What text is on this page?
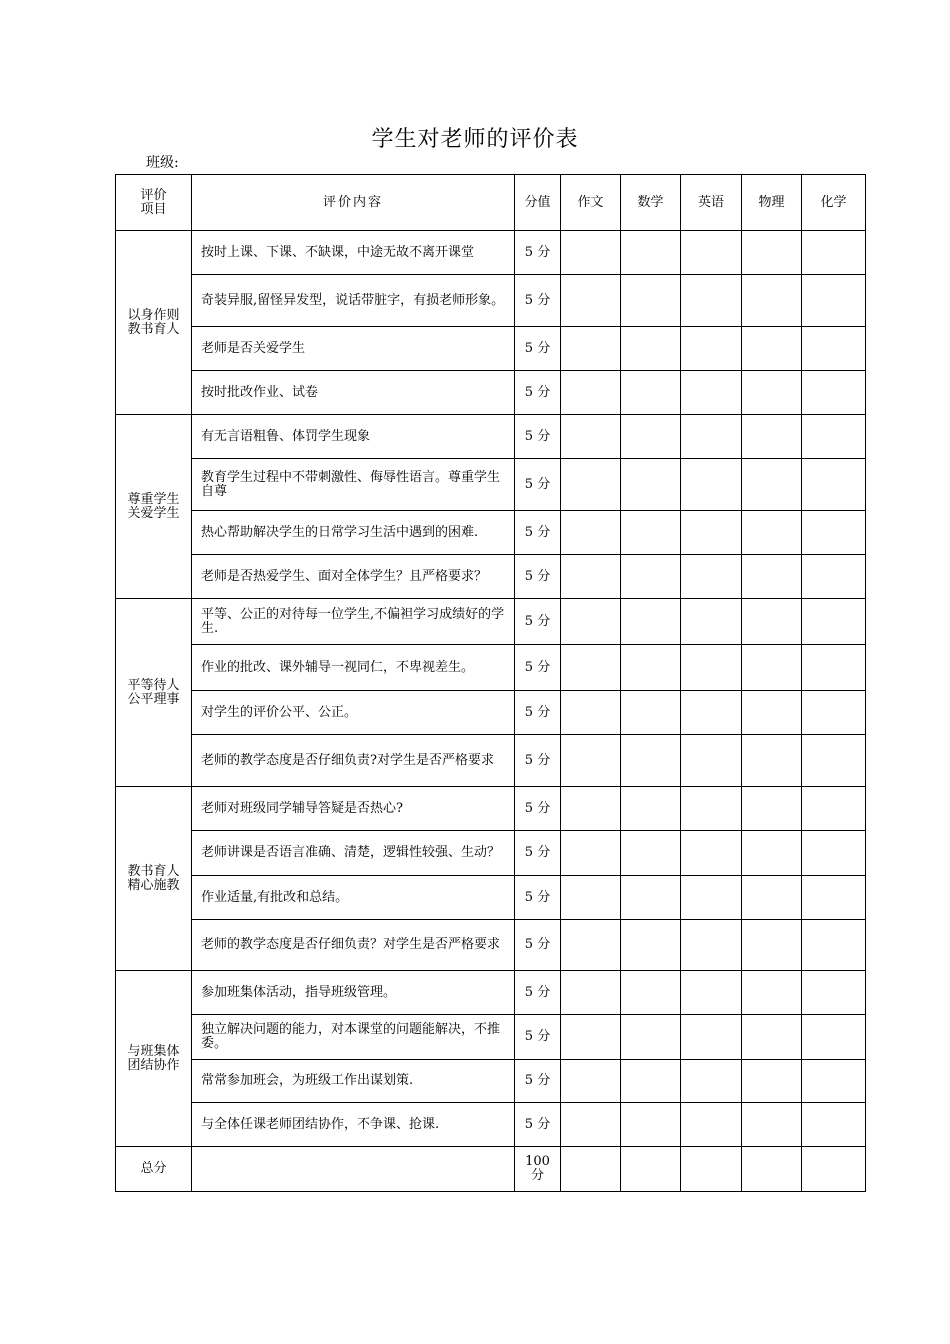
学生对老师的评价表
班级:
评价
项目	评价内容	分值	作文	数学	英语	物理	化学

以身作则
教书育人	按时上课、下课、不缺课，中途无故不离开课堂	5 分					
	奇装异服,留怪异发型，说话带脏字，有损老师形象。	5 分					
	老师是否关爱学生	5 分					
	按时批改作业、试卷	5 分					

尊重学生
关爱学生	有无言语粗鲁、体罚学生现象	5 分					
	教育学生过程中不带刺激性、侮辱性语言。尊重学生自尊	5 分					
	热心帮助解决学生的日常学习生活中遇到的困难.	5 分					
	老师是否热爱学生、面对全体学生？且严格要求？	5 分					

平等待人
公平理事	平等、公正的对待每一位学生,不偏袒学习成绩好的学生.	5 分					
	作业的批改、课外辅导一视同仁，不卑视差生。	5 分					
	对学生的评价公平、公正。	5 分					
	老师的教学态度是否仔细负责?对学生是否严格要求	5 分					

教书育人
精心施教	老师对班级同学辅导答疑是否热心?	5 分					
	老师讲课是否语言准确、清楚，逻辑性较强、生动？	5 分					
	作业适量,有批改和总结。	5 分					
	老师的教学态度是否仔细负责？对学生是否严格要求	5 分					

与班集体
团结协作	参加班集体活动，指导班级管理。	5 分					
	独立解决问题的能力，对本课堂的问题能解决，不推委。	5 分					
	常常参加班会，为班级工作出谋划策.	5 分					
	与全体任课老师团结协作，不争课、抢课.	5 分					
总分		100
分					
